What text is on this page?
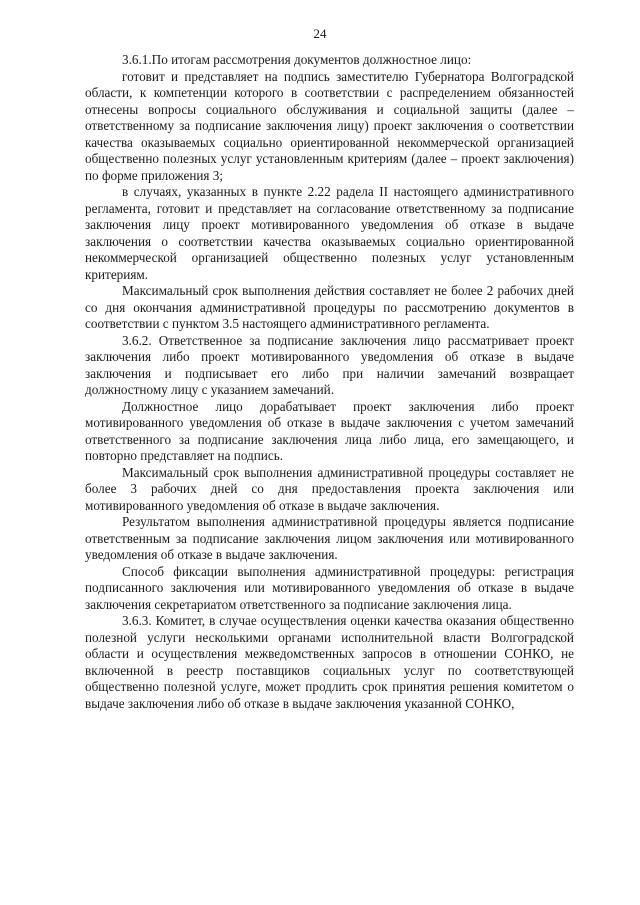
24

3.6.1.По итогам рассмотрения документов должностное лицо:

готовит и представляет на подпись заместителю Губернатора Волгоградской области, к компетенции которого в соответствии с распределением обязанностей отнесены вопросы социального обслуживания и социальной защиты (далее – ответственному за подписание заключения лицу) проект заключения о соответствии качества оказываемых социально ориентированной некоммерческой организацией общественно полезных услуг установленным критериям (далее – проект заключения) по форме приложения 3;

в случаях, указанных в пункте 2.22 радела II настоящего административного регламента, готовит и представляет на согласование ответственному за подписание заключения лицу проект мотивированного уведомления об отказе в выдаче заключения о соответствии качества оказываемых социально ориентированной некоммерческой организацией общественно полезных услуг установленным критериям.

Максимальный срок выполнения действия составляет не более 2 рабочих дней со дня окончания административной процедуры по рассмотрению документов в соответствии с пунктом 3.5 настоящего административного регламента.

3.6.2. Ответственное за подписание заключения лицо рассматривает проект заключения либо проект мотивированного уведомления об отказе в выдаче заключения и подписывает его либо при наличии замечаний возвращает должностному лицу с указанием замечаний.

Должностное лицо дорабатывает проект заключения либо проект мотивированного уведомления об отказе в выдаче заключения с учетом замечаний ответственного за подписание заключения лица либо лица, его замещающего, и повторно представляет на подпись.

Максимальный срок выполнения административной процедуры составляет не более 3 рабочих дней со дня предоставления проекта заключения или мотивированного уведомления об отказе в выдаче заключения.

Результатом выполнения административной процедуры является подписание ответственным за подписание заключения лицом заключения или мотивированного уведомления об отказе в выдаче заключения.

Способ фиксации выполнения административной процедуры: регистрация подписанного заключения или мотивированного уведомления об отказе в выдаче заключения секретариатом ответственного за подписание заключения лица.

3.6.3. Комитет, в случае осуществления оценки качества оказания общественно полезной услуги несколькими органами исполнительной власти Волгоградской области и осуществления межведомственных запросов в отношении СОНКО, не включенной в реестр поставщиков социальных услуг по соответствующей общественно полезной услуге, может продлить срок принятия решения комитетом о выдаче заключения либо об отказе в выдаче заключения указанной СОНКО,
